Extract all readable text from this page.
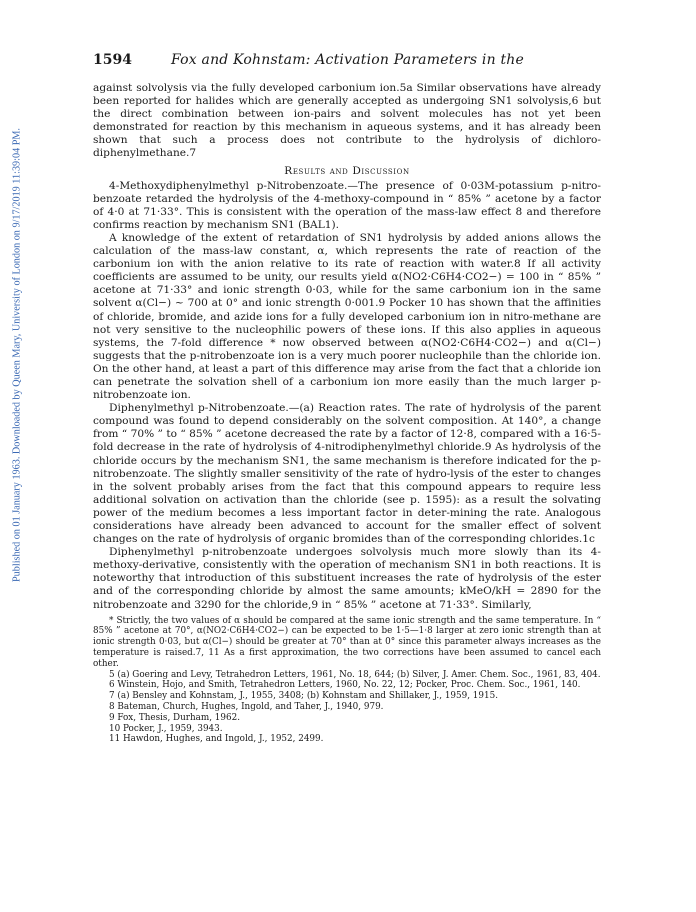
Published on 01 January 1963. Downloaded by Queen Mary, University of London on 9/17/2019 11:39:04 PM.
1594	Fox and Kohnstam: Activation Parameters in the

against solvolysis via the fully developed carbonium ion.5a Similar observations have already been reported for halides which are generally accepted as undergoing SN1 solvolysis,6 but the direct combination between ion-pairs and solvent molecules has not yet been demonstrated for reaction by this mechanism in aqueous systems, and it has already been shown that such a process does not contribute to the hydrolysis of dichloro-diphenylmethane.7

Results and Discussion

4-Methoxydiphenylmethyl p-Nitrobenzoate.—The presence of 0·03M-potassium p-nitro-benzoate retarded the hydrolysis of the 4-methoxy-compound in “ 85% ” acetone by a factor of 4·0 at 71·33°. This is consistent with the operation of the mass-law effect 8 and therefore confirms reaction by mechanism SN1 (BAL1).

A knowledge of the extent of retardation of SN1 hydrolysis by added anions allows the calculation of the mass-law constant, α, which represents the rate of reaction of the carbonium ion with the anion relative to its rate of reaction with water.8 If all activity coefficients are assumed to be unity, our results yield α(NO2·C6H4·CO2−) = 100 in “ 85% ” acetone at 71·33° and ionic strength 0·03, while for the same carbonium ion in the same solvent α(Cl−) ~ 700 at 0° and ionic strength 0·001.9 Pocker 10 has shown that the affinities of chloride, bromide, and azide ions for a fully developed carbonium ion in nitro-methane are not very sensitive to the nucleophilic powers of these ions. If this also applies in aqueous systems, the 7-fold difference * now observed between α(NO2·C6H4·CO2−) and α(Cl−) suggests that the p-nitrobenzoate ion is a very much poorer nucleophile than the chloride ion. On the other hand, at least a part of this difference may arise from the fact that a chloride ion can penetrate the solvation shell of a carbonium ion more easily than the much larger p-nitrobenzoate ion.

Diphenylmethyl p-Nitrobenzoate.—(a) Reaction rates. The rate of hydrolysis of the parent compound was found to depend considerably on the solvent composition. At 140°, a change from “ 70% ” to “ 85% ” acetone decreased the rate by a factor of 12·8, compared with a 16·5-fold decrease in the rate of hydrolysis of 4-nitrodiphenylmethyl chloride.9 As hydrolysis of the chloride occurs by the mechanism SN1, the same mechanism is therefore indicated for the p-nitrobenzoate. The slightly smaller sensitivity of the rate of hydro-lysis of the ester to changes in the solvent probably arises from the fact that this compound appears to require less additional solvation on activation than the chloride (see p. 1595): as a result the solvating power of the medium becomes a less important factor in deter-mining the rate. Analogous considerations have already been advanced to account for the smaller effect of solvent changes on the rate of hydrolysis of organic bromides than of the corresponding chlorides.1c

Diphenylmethyl p-nitrobenzoate undergoes solvolysis much more slowly than its 4-methoxy-derivative, consistently with the operation of mechanism SN1 in both reactions. It is noteworthy that introduction of this substituent increases the rate of hydrolysis of the ester and of the corresponding chloride by almost the same amounts; kMeO/kH = 2890 for the nitrobenzoate and 3290 for the chloride,9 in “ 85% ” acetone at 71·33°. Similarly,

* Strictly, the two values of α should be compared at the same ionic strength and the same temperature. In “ 85% ” acetone at 70°, α(NO2·C6H4·CO2−) can be expected to be 1·5—1·8 larger at zero ionic strength than at ionic strength 0·03, but α(Cl−) should be greater at 70° than at 0° since this parameter always increases as the temperature is raised.7, 11 As a first approximation, the two corrections have been assumed to cancel each other.

5 (a) Goering and Levy, Tetrahedron Letters, 1961, No. 18, 644; (b) Silver, J. Amer. Chem. Soc., 1961, 83, 404.

6 Winstein, Hojo, and Smith, Tetrahedron Letters, 1960, No. 22, 12; Pocker, Proc. Chem. Soc., 1961, 140.

7 (a) Bensley and Kohnstam, J., 1955, 3408; (b) Kohnstam and Shillaker, J., 1959, 1915.

8 Bateman, Church, Hughes, Ingold, and Taher, J., 1940, 979.

9 Fox, Thesis, Durham, 1962.

10 Pocker, J., 1959, 3943.

11 Hawdon, Hughes, and Ingold, J., 1952, 2499.
